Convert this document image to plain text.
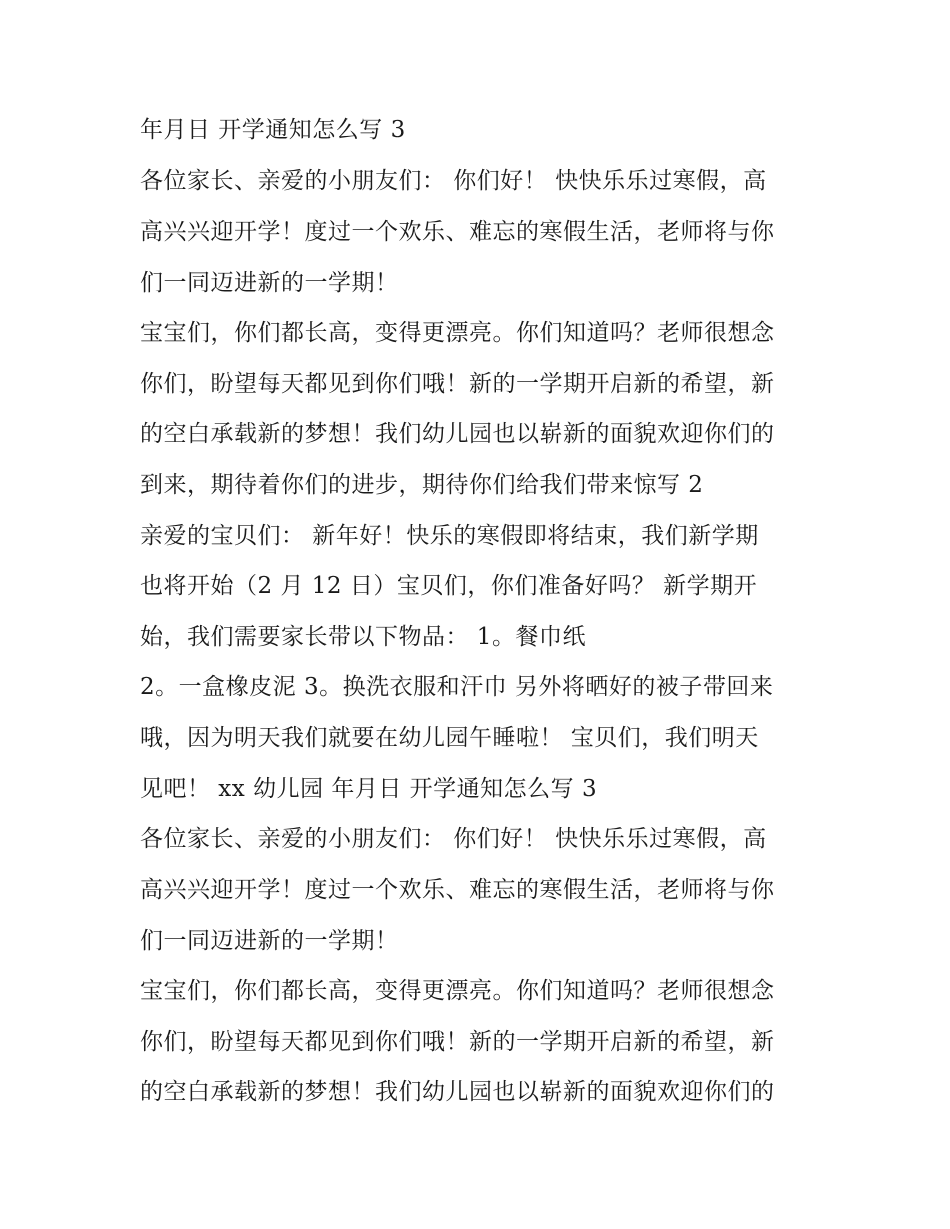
年月日 开学通知怎么写 3
各位家长、亲爱的小朋友们： 你们好！ 快快乐乐过寒假，高
高兴兴迎开学！度过一个欢乐、难忘的寒假生活，老师将与你
们一同迈进新的一学期！
宝宝们，你们都长高，变得更漂亮。你们知道吗？老师很想念
你们，盼望每天都见到你们哦！新的一学期开启新的希望，新
的空白承载新的梦想！我们幼儿园也以崭新的面貌欢迎你们的
到来，期待着你们的进步，期待你们给我们带来惊写 2
亲爱的宝贝们： 新年好！快乐的寒假即将结束，我们新学期
也将开始（2 月 12 日）宝贝们，你们准备好吗？ 新学期开
始，我们需要家长带以下物品： 1。餐巾纸
2。一盒橡皮泥 3。换洗衣服和汗巾 另外将晒好的被子带回来
哦，因为明天我们就要在幼儿园午睡啦！ 宝贝们，我们明天
见吧！ xx 幼儿园 年月日 开学通知怎么写 3
各位家长、亲爱的小朋友们： 你们好！ 快快乐乐过寒假，高
高兴兴迎开学！度过一个欢乐、难忘的寒假生活，老师将与你
们一同迈进新的一学期！
宝宝们，你们都长高，变得更漂亮。你们知道吗？老师很想念
你们，盼望每天都见到你们哦！新的一学期开启新的希望，新
的空白承载新的梦想！我们幼儿园也以崭新的面貌欢迎你们的
